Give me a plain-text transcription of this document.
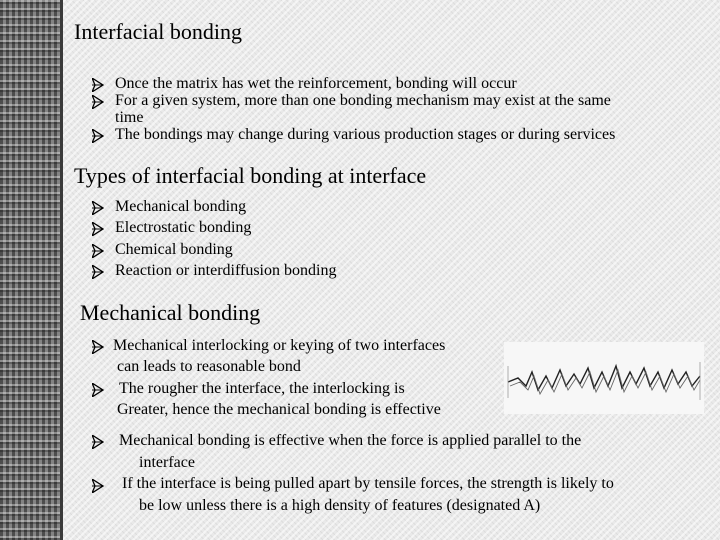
Interfacial bonding
Once the matrix has wet the reinforcement, bonding will occur
For a given system, more than one bonding mechanism may exist at the same
time
The bondings may change during various production stages or during services
Types of interfacial bonding at interface
Mechanical bonding
Electrostatic bonding
Chemical bonding
Reaction or interdiffusion bonding
Mechanical bonding
Mechanical interlocking or keying of two interfaces
can leads to reasonable bond
The rougher the interface, the interlocking is
Greater, hence the mechanical bonding is effective
Mechanical bonding is effective when the force is applied parallel to the
interface
If the interface is being pulled apart by tensile forces, the strength is likely to
be low unless there is a high density of features (designated A)
